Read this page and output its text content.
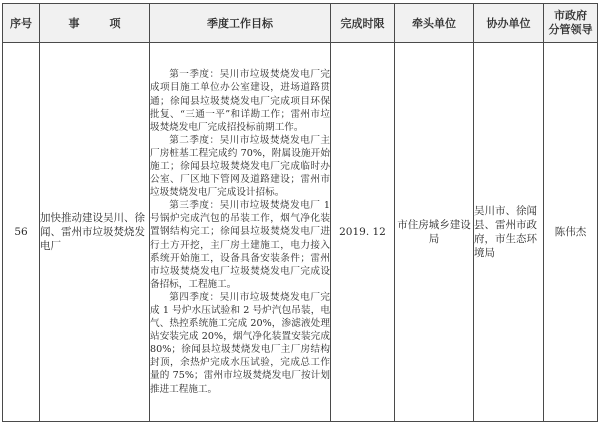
序号	事 项	季度工作目标	完成时限	牵头单位	协办单位	市政府
分管领导

56	加快推动建设吴川、徐闻、雷州市垃圾焚烧发电厂	第一季度：吴川市垃圾焚烧发电厂完成项目施工单位办公室建设，进场道路贯通；徐闻县垃圾焚烧发电厂完成项目环保批复、“三通一平”和详勘工作；雷州市垃圾焚烧发电厂完成招投标前期工作。

第二季度：吴川市垃圾焚烧发电厂主厂房桩基工程完成约 70%，附属设施开始施工；徐闻县垃圾焚烧发电厂完成临时办公室、厂区地下管网及道路建设；雷州市垃圾焚烧发电厂完成设计招标。

第三季度：吴川市垃圾焚烧发电厂 1号锅炉完成汽包的吊装工作，烟气净化装置钢结构完工；徐闻县垃圾焚烧发电厂进行土方开挖，主厂房土建施工，电力接入系统开始施工，设备具备安装条件；雷州市垃圾焚烧发电厂垃圾焚烧发电厂完成设备招标，工程施工。

第四季度：吴川市垃圾焚烧发电厂完成 1 号炉水压试验和 2 号炉汽包吊装，电气、热控系统施工完成 20%，渗滤液处理站安装完成 20%，烟气净化装置安装完成80%；徐闻县垃圾焚烧发电厂主厂房结构封顶，余热炉完成水压试验，完成总工作量的 75%；雷州市垃圾焚烧发电厂按计划推进工程施工。	2019. 12	市住房城乡建设局	吴川市、徐闻县、雷州市政府，市生态环境局	陈伟杰
